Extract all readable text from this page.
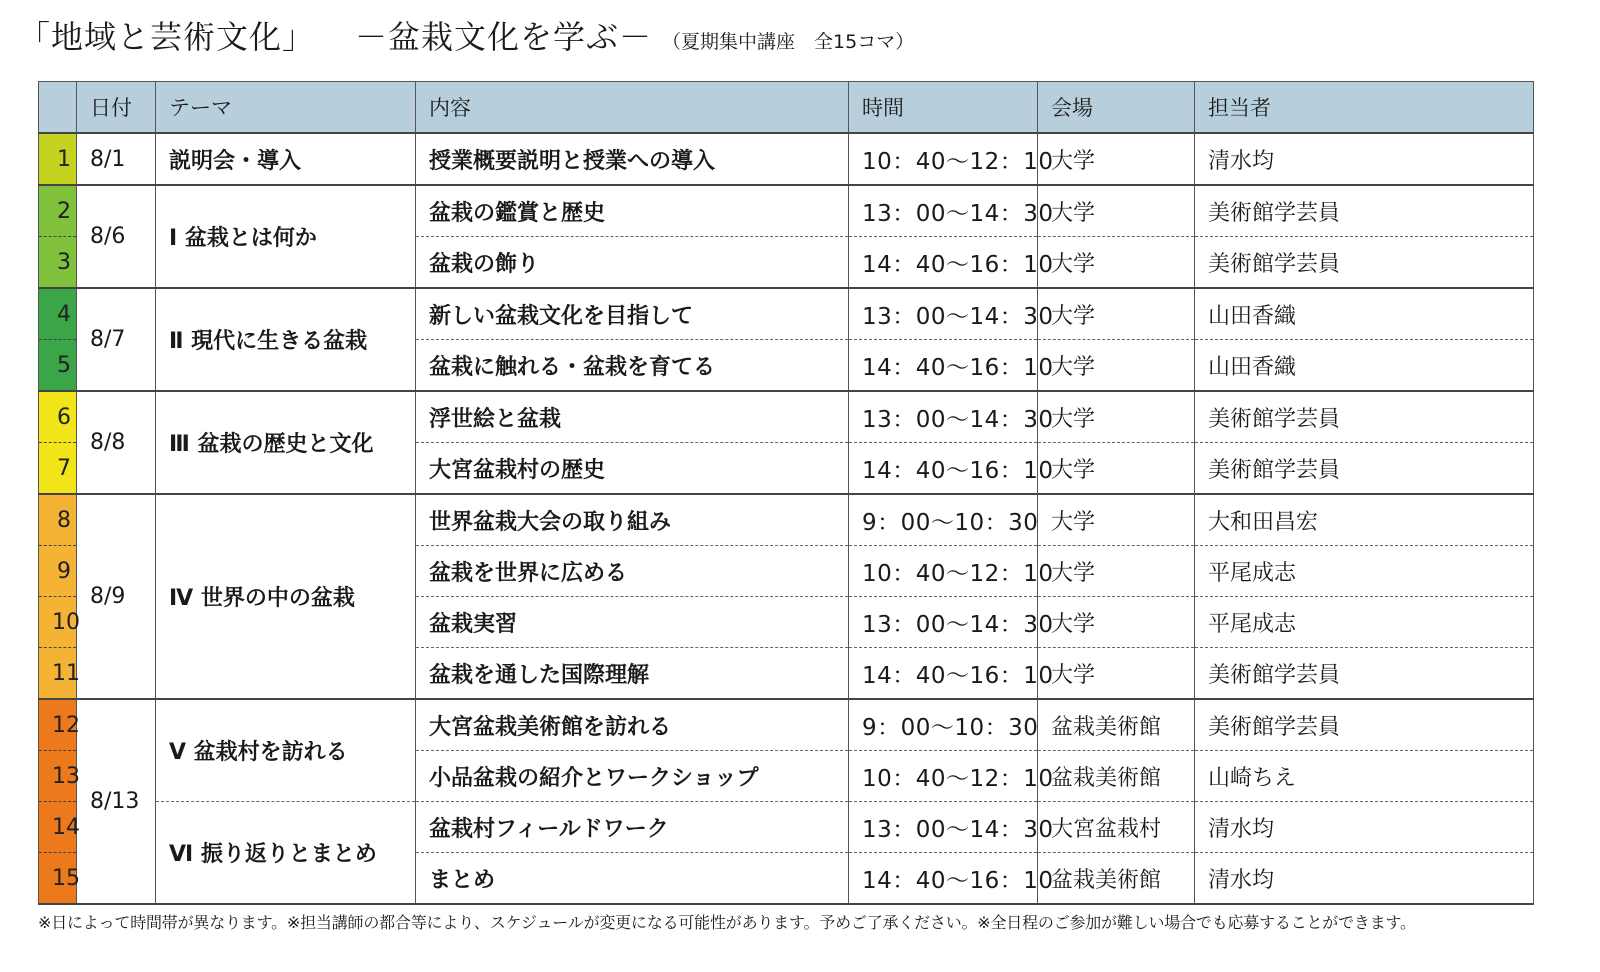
「地域と芸術文化」 －盆栽文化を学ぶ－ （夏期集中講座　全15コマ）
	日付	テーマ	内容	時間	会場	担当者
1	8/1	説明会・導入	授業概要説明と授業への導入	10：40～12：10	大学	清水均
2	8/6	Ⅰ 盆栽とは何か	盆栽の鑑賞と歴史	13：00～14：30	大学	美術館学芸員
3			盆栽の飾り	14：40～16：10	大学	美術館学芸員
4	8/7	Ⅱ 現代に生きる盆栽	新しい盆栽文化を目指して	13：00～14：30	大学	山田香織
5			盆栽に触れる・盆栽を育てる	14：40～16：10	大学	山田香織
6	8/8	Ⅲ 盆栽の歴史と文化	浮世絵と盆栽	13：00～14：30	大学	美術館学芸員
7			大宮盆栽村の歴史	14：40～16：10	大学	美術館学芸員
8	8/9	Ⅳ 世界の中の盆栽	世界盆栽大会の取り組み	9：00～10：30	大学	大和田昌宏
9			盆栽を世界に広める	10：40～12：10	大学	平尾成志
10			盆栽実習	13：00～14：30	大学	平尾成志
11			盆栽を通した国際理解	14：40～16：10	大学	美術館学芸員
12	8/13	Ⅴ 盆栽村を訪れる	大宮盆栽美術館を訪れる	9：00～10：30	盆栽美術館	美術館学芸員
13			小品盆栽の紹介とワークショップ	10：40～12：10	盆栽美術館	山崎ちえ
14		Ⅵ 振り返りとまとめ	盆栽村フィールドワーク	13：00～14：30	大宮盆栽村	清水均
15			まとめ	14：40～16：10	盆栽美術館	清水均
※日によって時間帯が異なります。※担当講師の都合等により、スケジュールが変更になる可能性があります。予めご了承ください。※全日程のご参加が難しい場合でも応募することができます。
